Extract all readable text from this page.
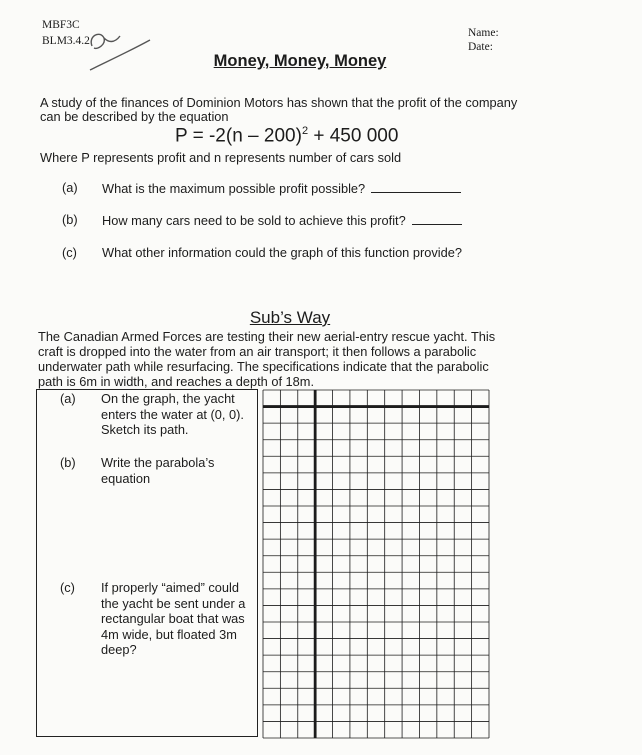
MBF3C
BLM3.4.2
Name:
Date:
Money, Money, Money
A study of the finances of Dominion Motors has shown that the profit of the company
can be described by the equation
P = -2(n – 200)$^2$ + 450 000
Where P represents profit and n represents number of cars sold
(a) What is the maximum possible profit possible?
(b) How many cars need to be sold to achieve this profit?
(c) What other information could the graph of this function provide?
Sub’s Way
The Canadian Armed Forces are testing their new aerial-entry rescue yacht. This
craft is dropped into the water from an air transport; it then follows a parabolic
underwater path while resurfacing. The specifications indicate that the parabolic
path is 6m in width, and reaches a depth of 18m.
(a) On the graph, the yacht
enters the water at (0, 0).
Sketch its path.
(b) Write the parabola’s
equation
(c) If properly “aimed” could
the yacht be sent under a
rectangular boat that was
4m wide, but floated 3m
deep?
